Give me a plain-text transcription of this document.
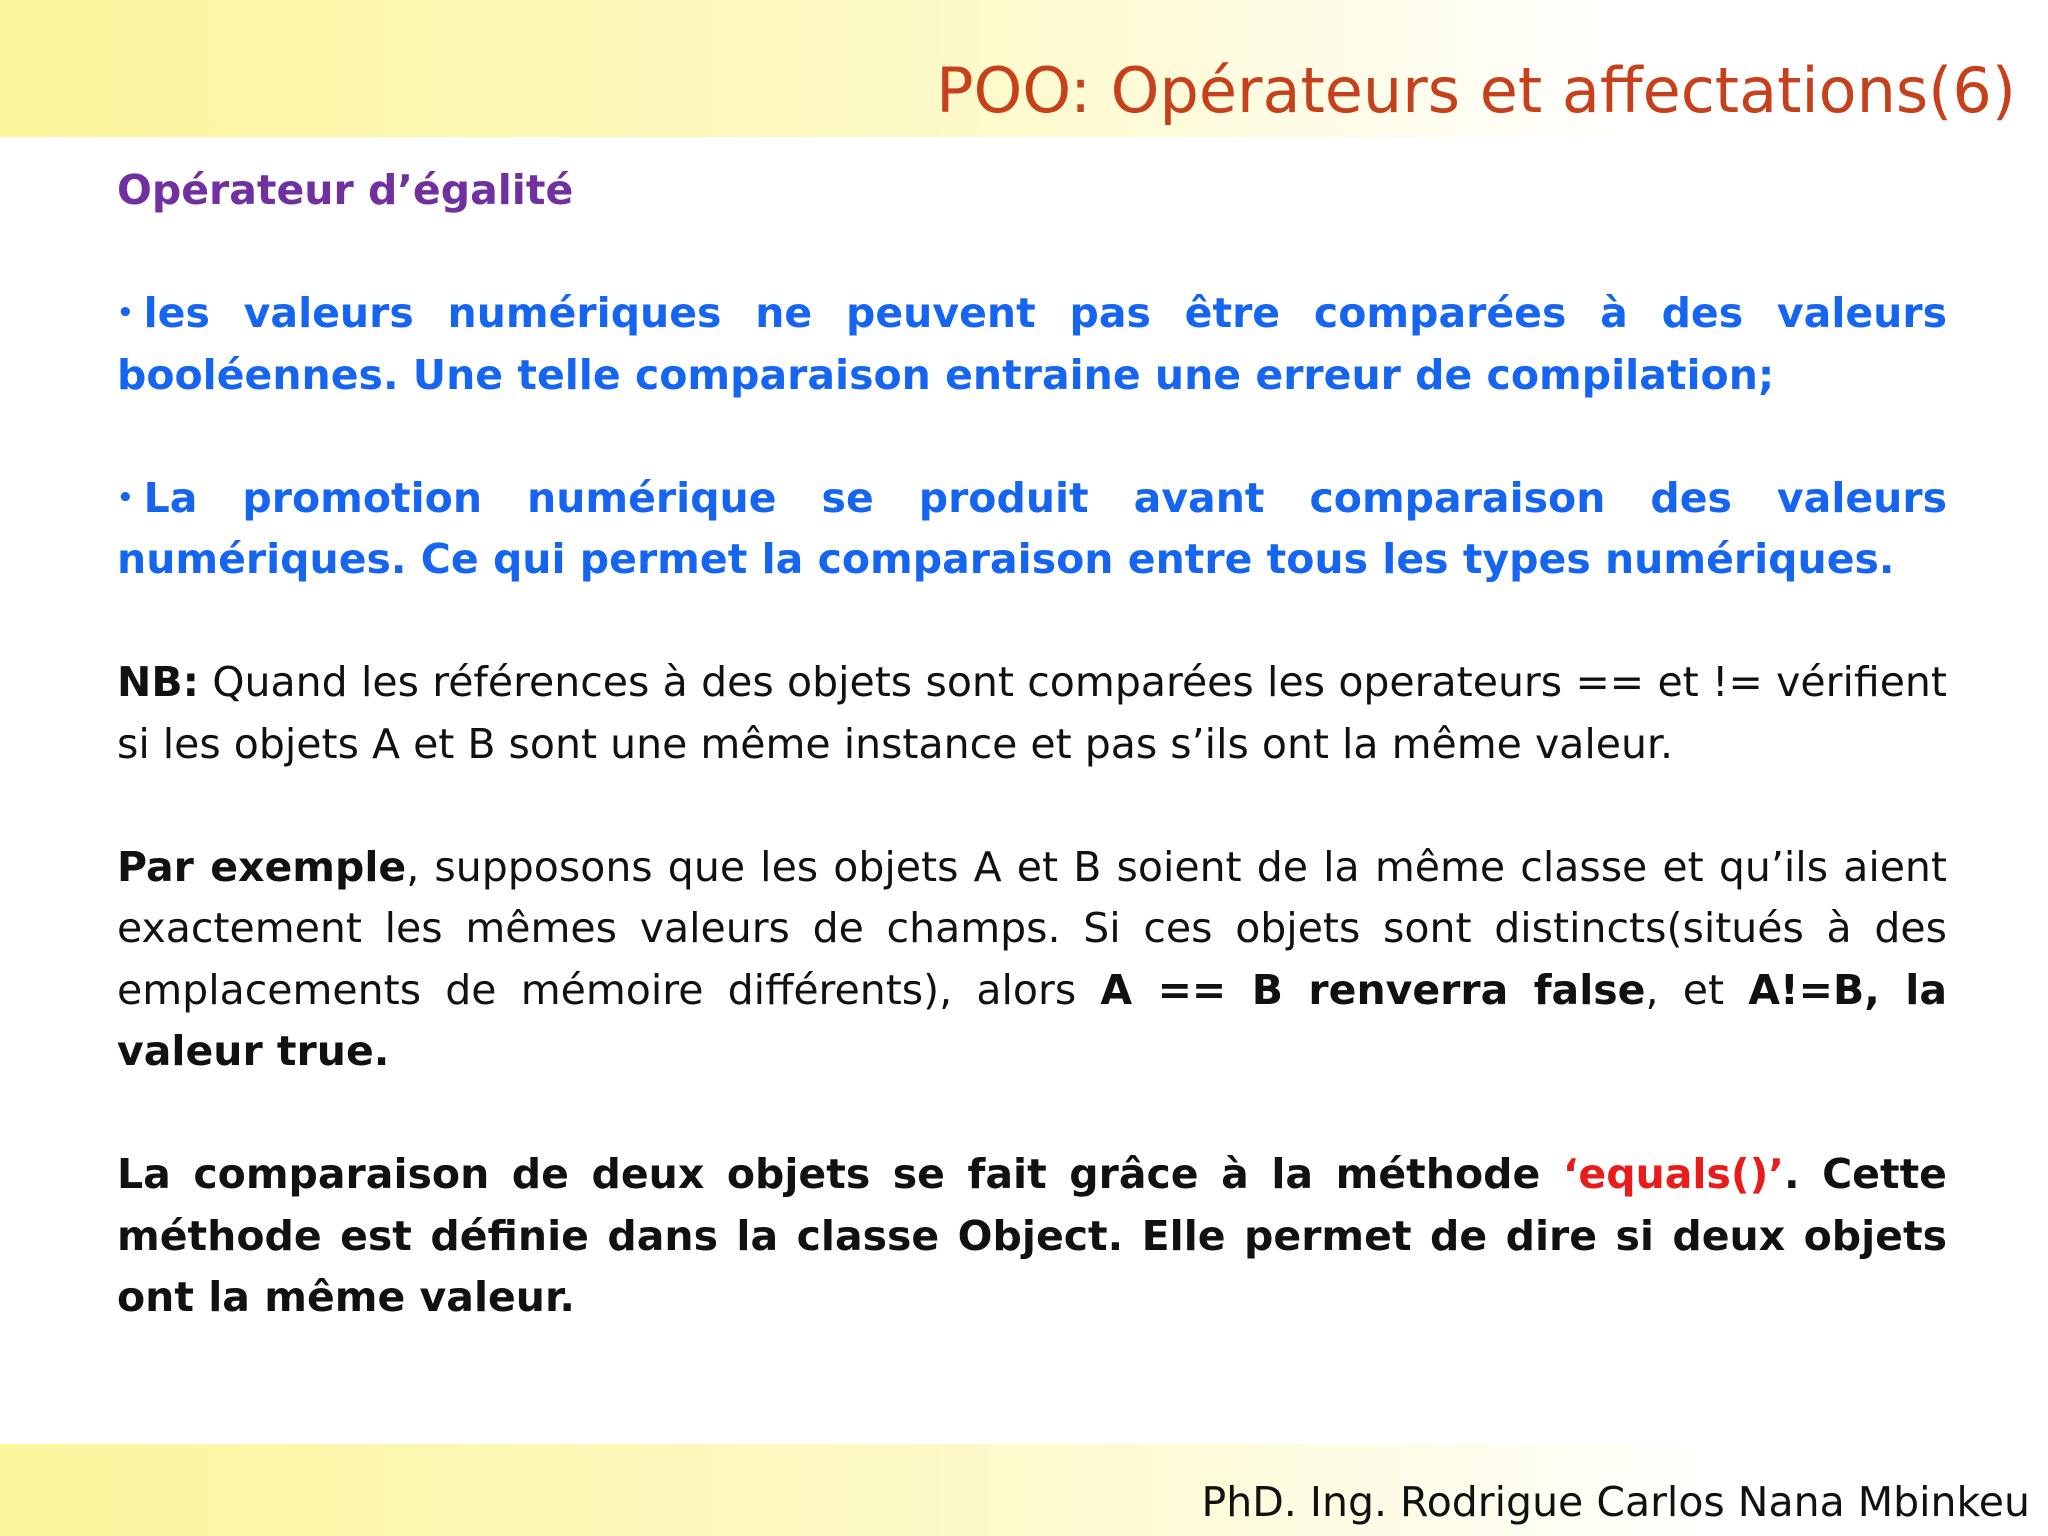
POO: Opérateurs et affectations(6)

Opérateur d’égalité

• les valeurs numériques ne peuvent pas être comparées à des valeurs booléennes. Une telle comparaison entraine une erreur de compilation;

• La promotion numérique se produit avant comparaison des valeurs numériques. Ce qui permet la comparaison entre tous les types numériques.

NB: Quand les références à des objets sont comparées les operateurs == et != vérifient si les objets A et B sont une même instance et pas s’ils ont la même valeur.

Par exemple, supposons que les objets A et B soient de la même classe et qu’ils aient exactement les mêmes valeurs de champs. Si ces objets sont distincts(situés à des emplacements de mémoire différents), alors A == B renverra false, et A!=B, la valeur true.

La comparaison de deux objets se fait grâce à la méthode ‘equals()’. Cette méthode est définie dans la classe Object. Elle permet de dire si deux objets ont la même valeur.

PhD. Ing. Rodrigue Carlos Nana Mbinkeu
